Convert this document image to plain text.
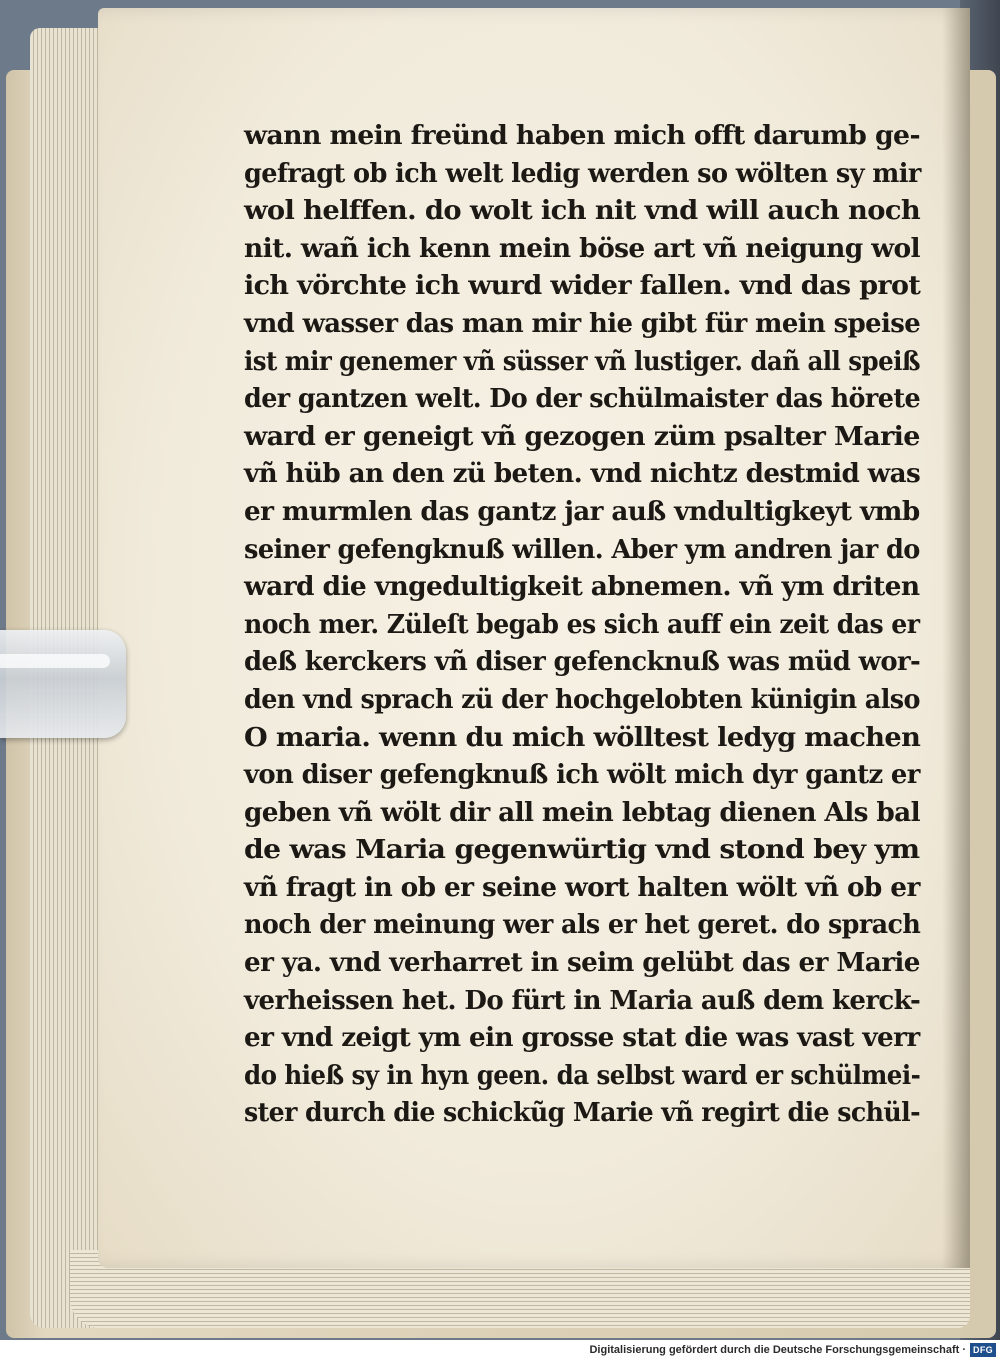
wann mein freünd haben mich offt darumb ge-
gefragt ob ich welt ledig werden so wölten sy mir
wol helffen. do wolt ich nit vnd will auch noch
nit. wañ ich kenn mein böse art vñ neigung wol
ich vörchte ich wurd wider fallen. vnd das prot
vnd wasser das man mir hie gibt für mein speise
ist mir genemer vñ süsser vñ lustiger. dañ all speiß
der gantzen welt. Do der schülmaister das hörete
ward er geneigt vñ gezogen züm psalter Marie
vñ hüb an den zü beten. vnd nichtz destmid was
er murmlen das gantz jar auß vndultigkeyt vmb
seiner gefengknuß willen. Aber ym andren jar do
ward die vngedultigkeit abnemen. vñ ym driten
noch mer. Züleſt begab es sich auff ein zeit das er
deß kerckers vñ diser gefencknuß was müd wor-
den vnd sprach zü der hochgelobten künigin also
O maria. wenn du mich wölltest ledyg machen
von diser gefengknuß ich wölt mich dyr gantz er
geben vñ wölt dir all mein lebtag dienen Als bal
de was Maria gegenwürtig vnd stond bey ym
vñ fragt in ob er seine wort halten wölt vñ ob er
noch der meinung wer als er het geret. do sprach
er ya. vnd verharret in seim gelübt das er Marie
verheissen het. Do fürt in Maria auß dem kerck-
er vnd zeigt ym ein grosse stat die was vast verr
do hieß sy in hyn geen. da selbst ward er schülmei-
ster durch die schickũg Marie vñ regirt die schül-
Digitalisierung gefördert durch die Deutsche Forschungsgemeinschaft · DFG
